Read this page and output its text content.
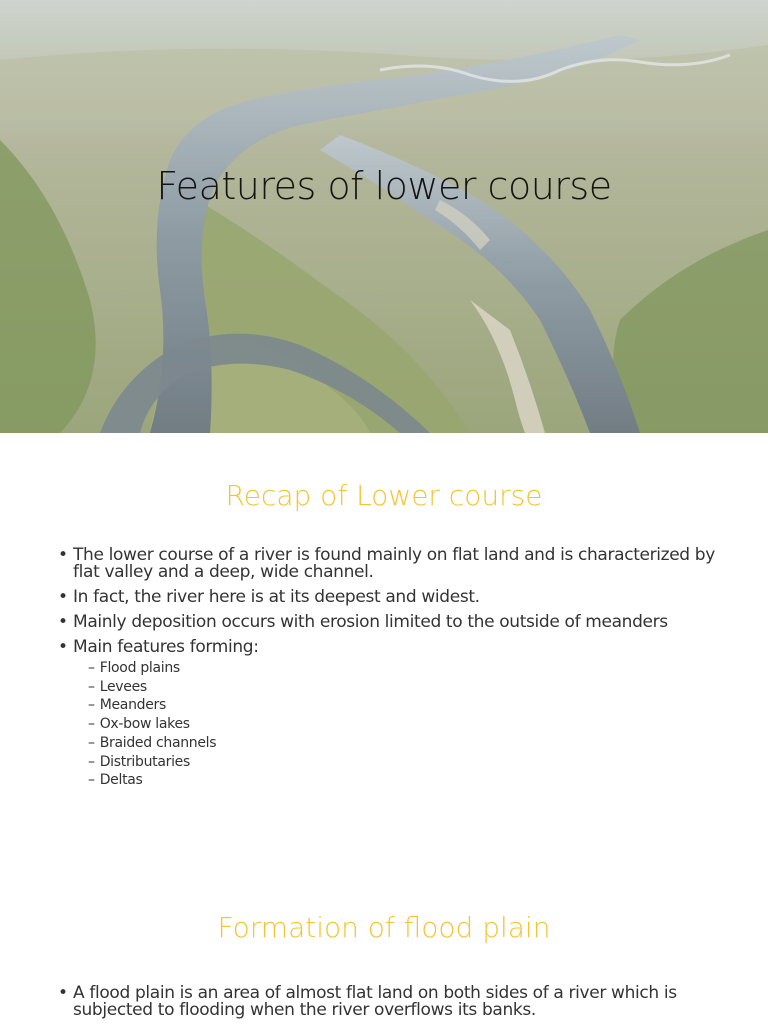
Features of lower course
Recap of Lower course
• The lower course of a river is found mainly on flat land and is characterized by flat valley and a deep, wide channel.
• In fact, the river here is at its deepest and widest.
• Mainly deposition occurs with erosion limited to the outside of meanders
• Main features forming:
– Flood plains
– Levees
– Meanders
– Ox-bow lakes
– Braided channels
– Distributaries
– Deltas
Formation of flood plain
• A flood plain is an area of almost flat land on both sides of a river which is subjected to flooding when the river overflows its banks.
